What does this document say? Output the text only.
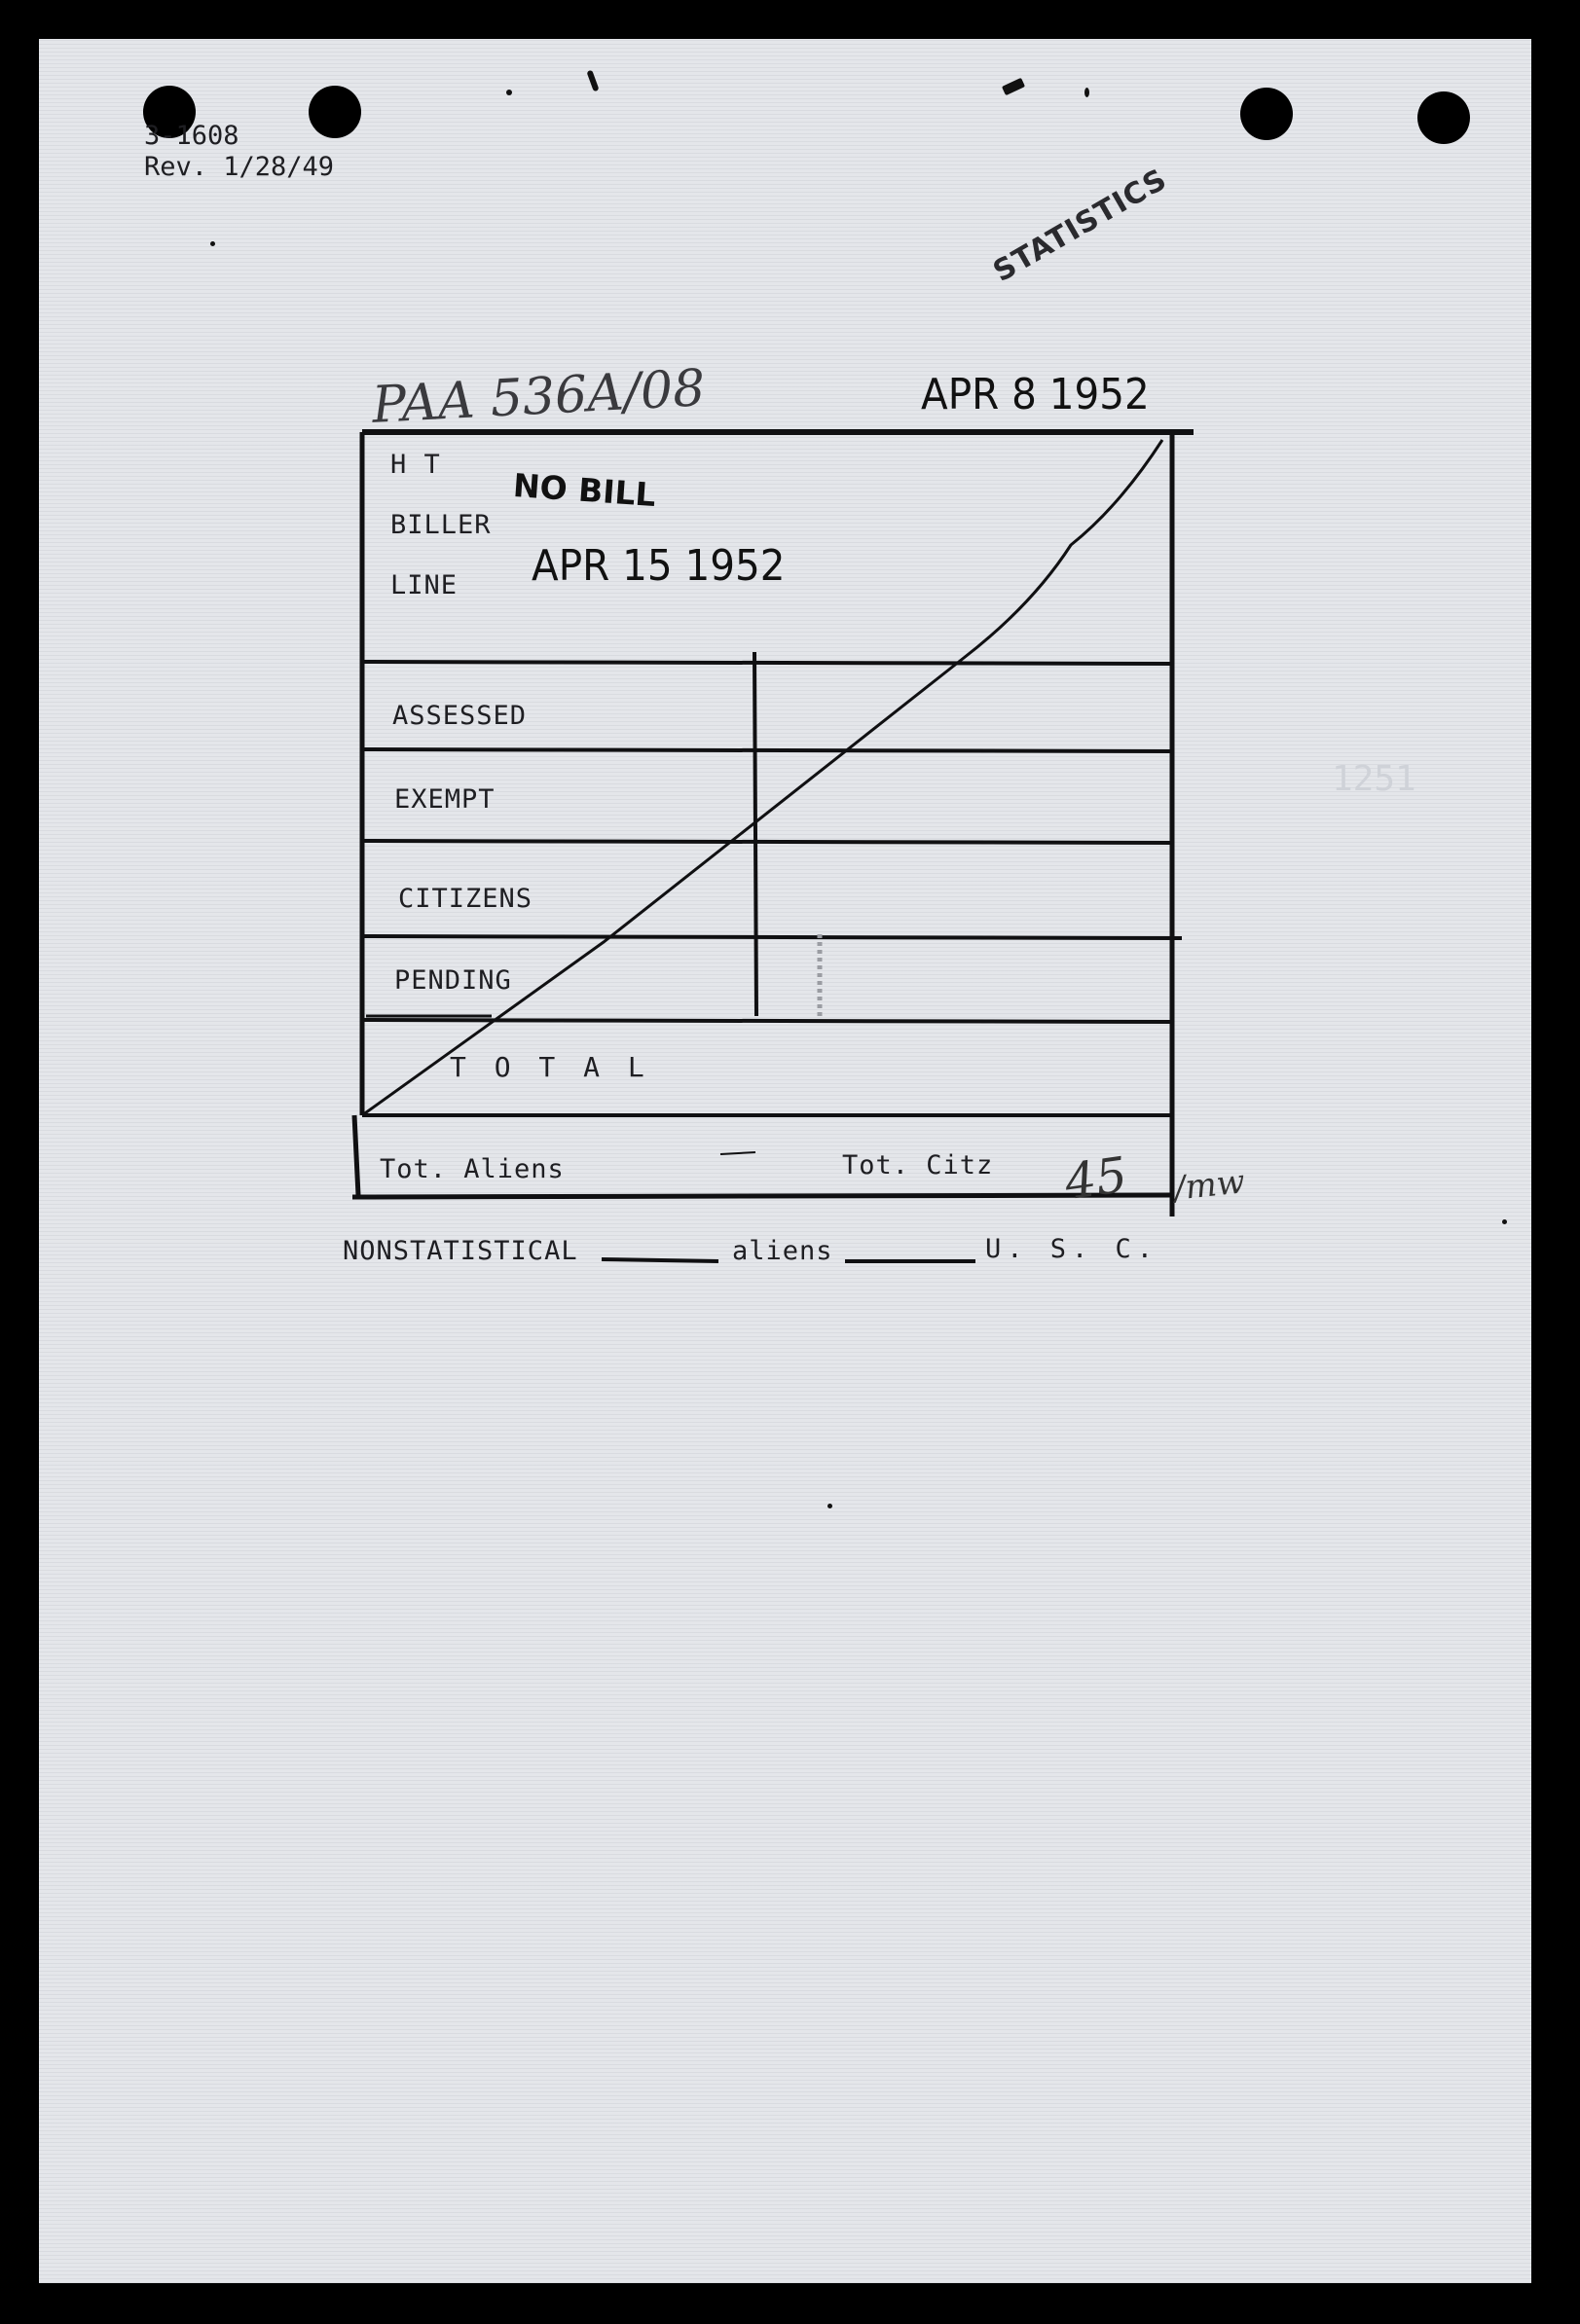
3-1608
Rev. 1/28/49	STATISTICS
PAA 536A/08	APR 8 1952
H T
BILLER
LINE
NO BILL
APR 15 1952
ASSESSED
EXEMPT
CITIZENS
PENDING
T O T A L
Tot. Aliens	Tot. Citz 45 /mw
NONSTATISTICAL	aliens	U. S. C.
1251
